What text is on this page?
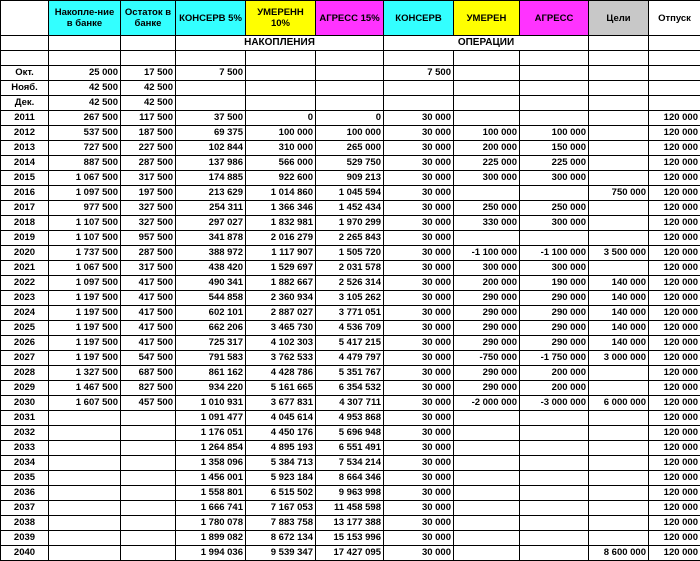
	Накопле-ние в банке	Остаток в банке	КОНСЕРВ 5%	УМЕРЕНН 10%	АГРЕСС 15%	КОНСЕРВ	УМЕРЕН	АГРЕСС	Цели	Отпуск
			НАКОПЛЕНИЯ			ОПЕРАЦИИ				

Окт.	25 000	17 500	7 500			7 500				
Нояб.	42 500	42 500								
Дек.	42 500	42 500								
2011	267 500	117 500	37 500	0	0	30 000				120 000
2012	537 500	187 500	69 375	100 000	100 000	30 000	100 000	100 000		120 000
2013	727 500	227 500	102 844	310 000	265 000	30 000	200 000	150 000		120 000
2014	887 500	287 500	137 986	566 000	529 750	30 000	225 000	225 000		120 000
2015	1 067 500	317 500	174 885	922 600	909 213	30 000	300 000	300 000		120 000
2016	1 097 500	197 500	213 629	1 014 860	1 045 594	30 000			750 000	120 000
2017	977 500	327 500	254 311	1 366 346	1 452 434	30 000	250 000	250 000		120 000
2018	1 107 500	327 500	297 027	1 832 981	1 970 299	30 000	330 000	300 000		120 000
2019	1 107 500	957 500	341 878	2 016 279	2 265 843	30 000				120 000
2020	1 737 500	287 500	388 972	1 117 907	1 505 720	30 000	-1 100 000	-1 100 000	3 500 000	120 000
2021	1 067 500	317 500	438 420	1 529 697	2 031 578	30 000	300 000	300 000		120 000
2022	1 097 500	417 500	490 341	1 882 667	2 526 314	30 000	200 000	190 000	140 000	120 000
2023	1 197 500	417 500	544 858	2 360 934	3 105 262	30 000	290 000	290 000	140 000	120 000
2024	1 197 500	417 500	602 101	2 887 027	3 771 051	30 000	290 000	290 000	140 000	120 000
2025	1 197 500	417 500	662 206	3 465 730	4 536 709	30 000	290 000	290 000	140 000	120 000
2026	1 197 500	417 500	725 317	4 102 303	5 417 215	30 000	290 000	290 000	140 000	120 000
2027	1 197 500	547 500	791 583	3 762 533	4 479 797	30 000	-750 000	-1 750 000	3 000 000	120 000
2028	1 327 500	687 500	861 162	4 428 786	5 351 767	30 000	290 000	200 000		120 000
2029	1 467 500	827 500	934 220	5 161 665	6 354 532	30 000	290 000	200 000		120 000
2030	1 607 500	457 500	1 010 931	3 677 831	4 307 711	30 000	-2 000 000	-3 000 000	6 000 000	120 000
2031			1 091 477	4 045 614	4 953 868	30 000				120 000
2032			1 176 051	4 450 176	5 696 948	30 000				120 000
2033			1 264 854	4 895 193	6 551 491	30 000				120 000
2034			1 358 096	5 384 713	7 534 214	30 000				120 000
2035			1 456 001	5 923 184	8 664 346	30 000				120 000
2036			1 558 801	6 515 502	9 963 998	30 000				120 000
2037			1 666 741	7 167 053	11 458 598	30 000				120 000
2038			1 780 078	7 883 758	13 177 388	30 000				120 000
2039			1 899 082	8 672 134	15 153 996	30 000				120 000
2040			1 994 036	9 539 347	17 427 095	30 000			8 600 000	120 000
